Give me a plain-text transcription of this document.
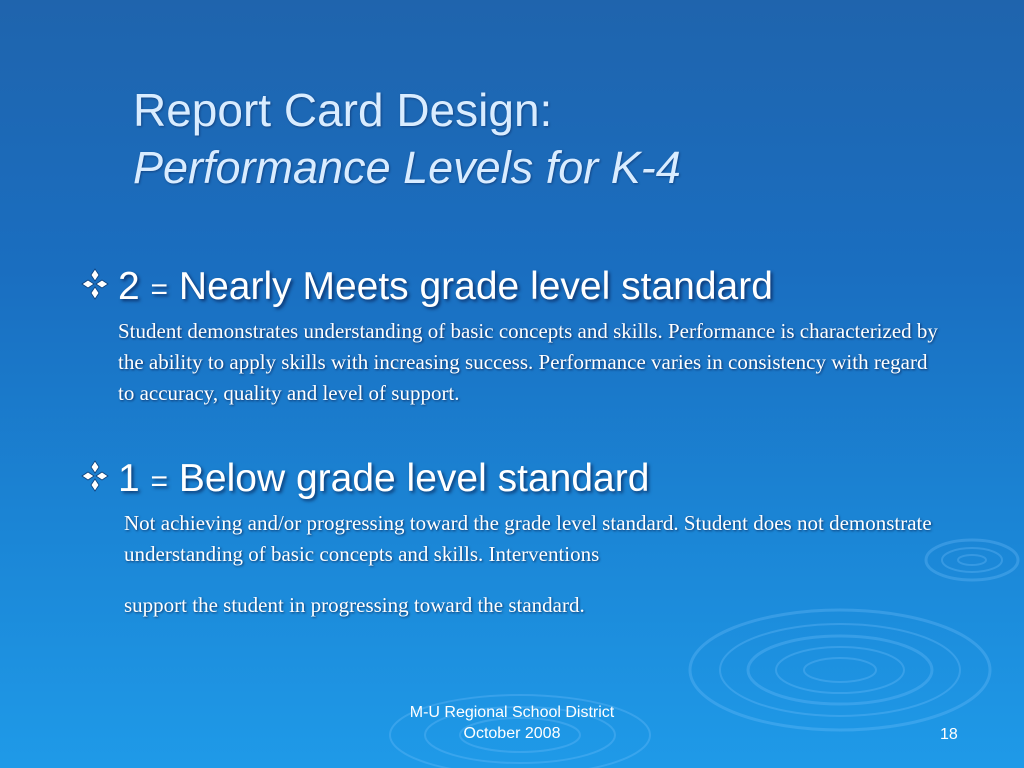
Report Card Design:
Performance Levels for K-4
2 = Nearly Meets grade level standard
Student demonstrates understanding of basic concepts and skills. Performance is characterized by the ability to apply skills with increasing success. Performance varies in consistency with regard to accuracy, quality and level of support.
1 = Below grade level standard
Not achieving and/or progressing toward the grade level standard. Student does not demonstrate understanding of basic concepts and skills. Interventions
support the student in progressing toward the standard.
M-U Regional School District
October 2008	18
